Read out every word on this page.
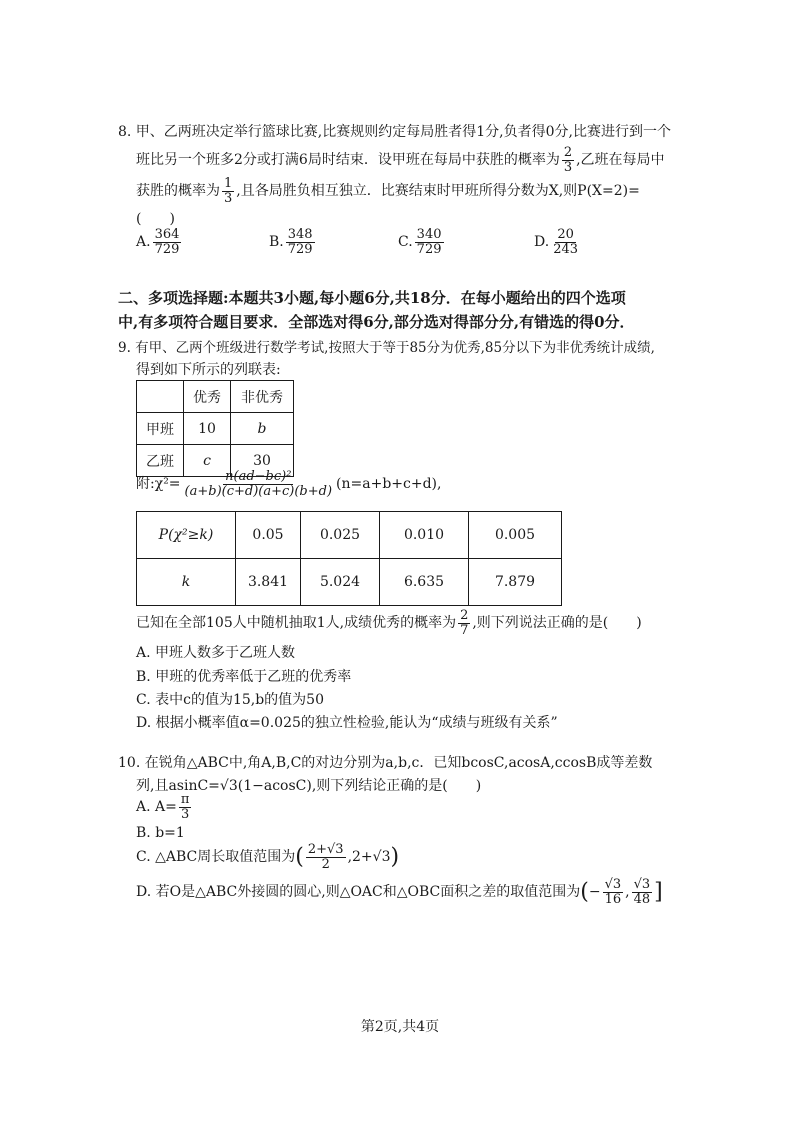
8. 甲、乙两班决定举行篮球比赛,比赛规则约定每局胜者得1分,负者得0分,比赛进行到一个
班比另一个班多2分或打满6局时结束．设甲班在每局中获胜的概率为 $\frac{2}{3}$ ,乙班在每局中
获胜的概率为 $\frac{1}{3}$ ,且各局胜负相互独立．比赛结束时甲班所得分数为X,则P(X=2)=
(　　)
A. $\frac{364}{729}$	B. $\frac{348}{729}$	C. $\frac{340}{729}$	D. $\frac{20}{243}$
二、多项选择题:本题共3小题,每小题6分,共18分．在每小题给出的四个选项
中,有多项符合题目要求．全部选对得6分,部分选对得部分分,有错选的得0分．
9. 有甲、乙两个班级进行数学考试,按照大于等于85分为优秀,85分以下为非优秀统计成绩,
得到如下所示的列联表:
	优秀	非优秀
甲班	10	b
乙班	c	30
附:χ²= $\frac{\text{n(ad−bc)²}}{(a+b)(c+d)(a+c)(b+d)} (n=a+b+c+d)$,
P(χ²≥k)	0.05	0.025	0.010	0.005
k	3.841	5.024	6.635	7.879
已知在全部105人中随机抽取1人,成绩优秀的概率为 $\frac{2}{7}$ ,则下列说法正确的是(　　)
A. 甲班人数多于乙班人数
B. 甲班的优秀率低于乙班的优秀率
C. 表中c的值为15,b的值为50
D. 根据小概率值α=0.025的独立性检验,能认为“成绩与班级有关系”
10. 在锐角△ABC中,角A,B,C的对边分别为a,b,c．已知bcosC,acosA,ccosB成等差数
列,且asinC=√3(1−acosC),则下列结论正确的是(　　)
A. $A= \frac{\pi}{3}$
B. b=1
C. △ABC周长取值范围为( $\frac{2+√3}{2} ,2+√3$)
D. 若O是△ABC外接圆的圆心,则△OAC和△OBC面积之差的取值范围为(− $\frac{√3}{16}$ , $\frac{√3}{48}$ ]
第2页,共4页
